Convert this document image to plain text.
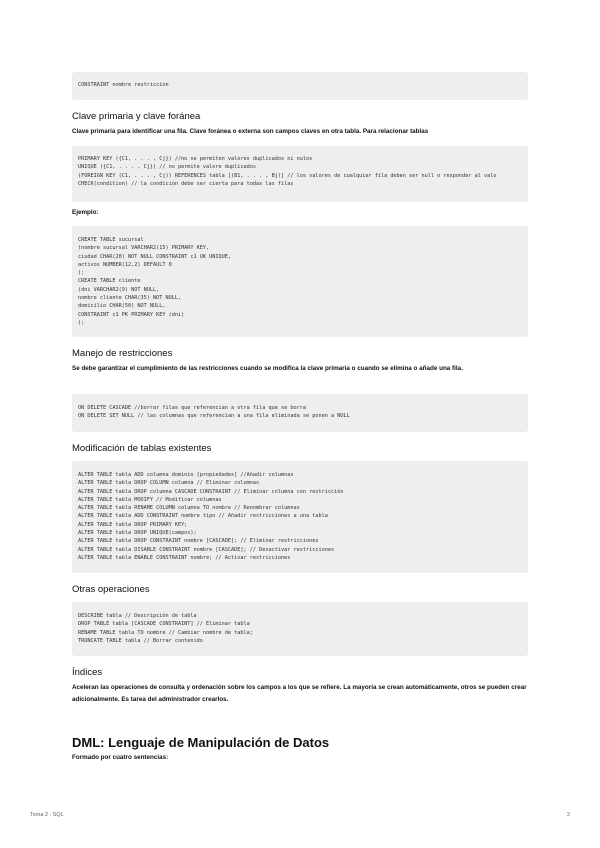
CONSTRAINT nombre restriccion
Clave primaria y clave foránea

Clave primaria para identificar una fila. Clave foránea o externa son campos claves en otra tabla. Para relacionar tablas

PRIMARY KEY ({C1, . . . , Cj}) //no se permiten valores duplicados ni nulos
UNIQUE ({C1, . . . , Cj}) // no permite valore duplicados
(FOREIGN KEY (C1, . . . , Cj)) REFERENCES tabla [(B1, . . . , Bj)] // los valores de cualquier fila deben ser null o responder al valo
CHECK(condition) // la condición debe ser cierta para todas las filas

Ejemplo:

CREATE TABLE sucursal
(nombre sucursal VARCHAR2(15) PRIMARY KEY,
ciudad CHAR(20) NOT NULL CONSTRAINT c1 UK UNIQUE,
activos NUMBER(12,2) DEFAULT 0
);
CREATE TABLE cliente
(dni VARCHAR2(9) NOT NULL,
nombre cliente CHAR(35) NOT NULL,
domicilio CHAR(50) NOT NULL,
CONSTRAINT c1 PK PRIMARY KEY (dni)
);
Manejo de restricciones

Se debe garantizar el cumplimiento de las restricciones cuando se modifica la clave primaria o cuando se elimina o añade una fila.

ON DELETE CASCADE //borrar filas que referencian a otra fila que se borra
ON DELETE SET NULL // las columnas que referencian a una fila eliminada se ponen a NULL
Modificación de tablas existentes
ALTER TABLE tabla ADD columna dominio [propiedades] //Añadir columnas
ALTER TABLE tabla DROP COLUMN columna // Eliminar columnas
ALTER TABLE tabla DROP columna CASCADE CONSTRAINT // Eliminar columna con restricción
ALTER TABLE tabla MODIFY // Modificar columnas
ALTER TABLE tabla RENAME COLUMN columna TO nombre // Renombrar columnas
ALTER TABLE tabla ADD CONSTRAINT nombre tipo // Añadir restricciones a una tabla
ALTER TABLE tabla DROP PRIMARY KEY;
ALTER TABLE tabla DROP UNIQUE(campos);
ALTER TABLE tabla DROP CONSTRAINT nombre [CASCADE]; // Eliminar restricciones
ALTER TABLE tabla DISABLE CONSTRAINT nombre [CASCADE]; // Desactivar restricciones
ALTER TABLE tabla ENABLE CONSTRAINT nombre; // Activar restricciones
Otras operaciones
DESCRIBE tabla // Descripción de tabla
DROP TABLE tabla [CASCADE CONSTRAINT] // Eliminar tabla
RENAME TABLE tabla TO nombre // Cambiar nombre de tabla;
TRUNCATE TABLE tabla // Borrar contenido
Índices

Aceleran las operaciones de consulta y ordenación sobre los campos a los que se refiere. La mayoría se crean automáticamente, otros se pueden crear adicionalmente. Es tarea del administrador crearlos.

DML: Lenguaje de Manipulación de Datos

Formado por cuatro sentencias:

Tema 2 : SQL	2
